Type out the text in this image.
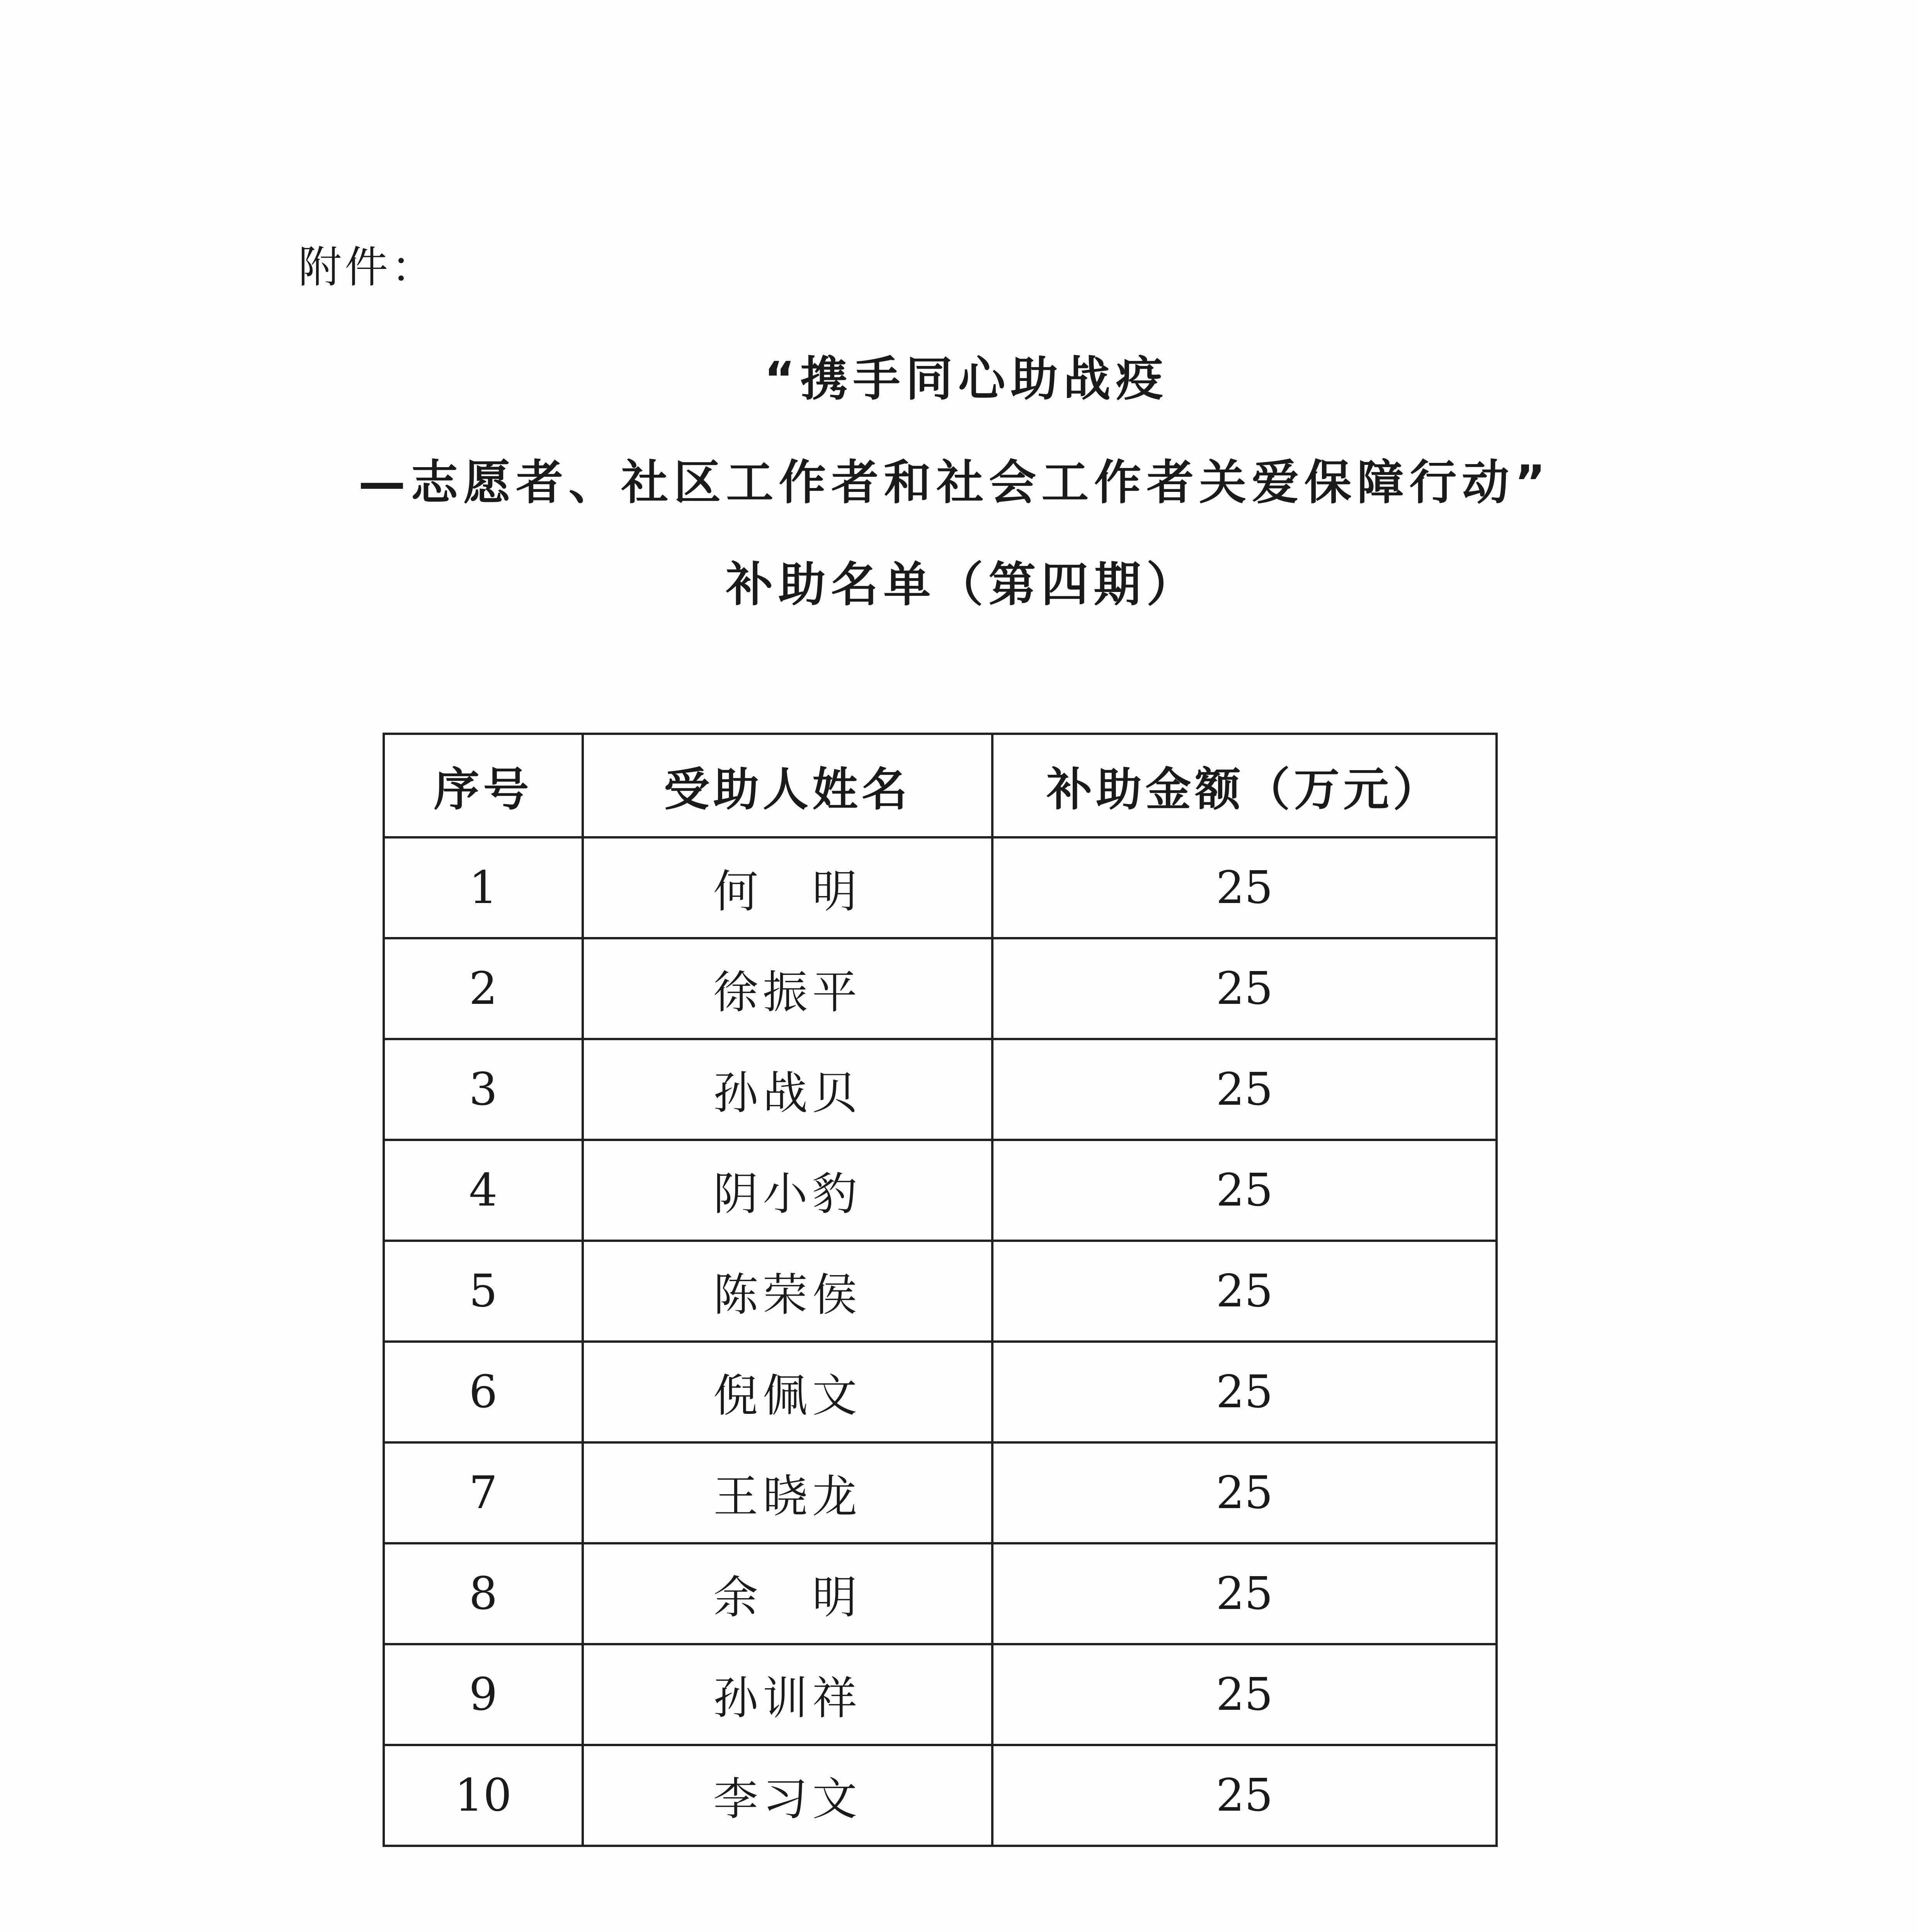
附件：
“携手同心助战疫
—志愿者、社区工作者和社会工作者关爱保障行动”
补助名单（第四期）
序号	受助人姓名	补助金额（万元）
1	何　明	25
2	徐振平	25
3	孙战贝	25
4	阴小豹	25
5	陈荣侯	25
6	倪佩文	25
7	王晓龙	25
8	余　明	25
9	孙训祥	25
10	李习文	25
